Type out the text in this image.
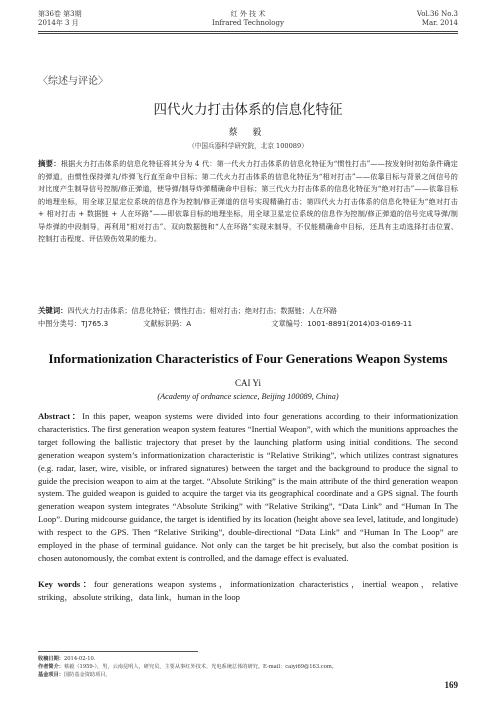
第36卷 第3期
2014年 3 月
红 外 技 术
Infrared Technology
Vol.36 No.3
Mar. 2014
〈综述与评论〉
四代火力打击体系的信息化特征
蔡 毅
（中国兵器科学研究院，北京 100089）
摘要：根据火力打击体系的信息化特征将其分为 4 代：第一代火力打击体系的信息化特征为“惯性打击”——按发射时初始条件确定的弹道，由惯性保持弹丸/炸弹飞行直至命中目标；第二代火力打击体系的信息化特征为“相对打击”——依靠目标与背景之间信号的对比度产生制导信号控制/修正弹道，使导弹/制导炸弹精确命中目标；第三代火力打击体系的信息化特征为“绝对打击”——依靠目标的地理坐标，用全球卫星定位系统的信息作为控制/修正弹道的信号实现精确打击；第四代火力打击体系的信息化特征为“绝对打击 + 相对打击 + 数据链 + 人在环路”——即依靠目标的地理坐标，用全球卫星定位系统的信息作为控制/修正弹道的信号完成导弹/制导炸弹的中段制导，再利用“相对打击”、双向数据链和“人在环路”实现末制导，不仅能精确命中目标，还具有主动选择打击位置、控制打击程度、评估毁伤效果的能力。
关键词：四代火力打击体系；信息化特征；惯性打击；相对打击；绝对打击；数据链；人在环路
中图分类号：TJ765.3	文献标识码：A	文章编号：1001-8891(2014)03-0169-11
Informationization Characteristics of Four Generations Weapon Systems
CAI Yi
(Academy of ordnance science, Beijing 100089, China)
Abstract：In this paper, weapon systems were divided into four generations according to their informationization characteristics. The first generation weapon system features “Inertial Weapon”, with which the munitions approaches the target following the ballistic trajectory that preset by the launching platform using initial conditions. The second generation weapon system’s informationization characteristic is “Relative Striking”, which utilizes contrast signatures (e.g. radar, laser, wire, visible, or infrared signatures) between the target and the background to produce the signal to guide the precision weapon to aim at the target. “Absolute Striking” is the main attribute of the third generation weapon system. The guided weapon is guided to acquire the target via its geographical coordinate and a GPS signal. The fourth generation weapon system integrates “Absolute Striking” with “Relative Striking”, “Data Link” and “Human In The Loop”. During midcourse guidance, the target is identified by its location (height above sea level, latitude, and longitude) with respect to the GPS. Then “Relative Striking”, double-directional “Data Link” and “Human In The Loop” are employed in the phase of terminal guidance. Not only can the target be hit precisely, but also the combat position is chosen autonomously, the combat extent is controlled, and the damage effect is evaluated.
Key words：four generations weapon systems，informationization characteristics，inertial weapon，relative striking，absolute striking，data link，human in the loop
收稿日期：2014-02-10.
作者简介：蔡毅（1959-），男，云南昆明人，研究员，主要从事红外技术、光电系统总体的研究。E-mail：caiyi69@163.com。
基金项目：国防基金资助项目。
169
